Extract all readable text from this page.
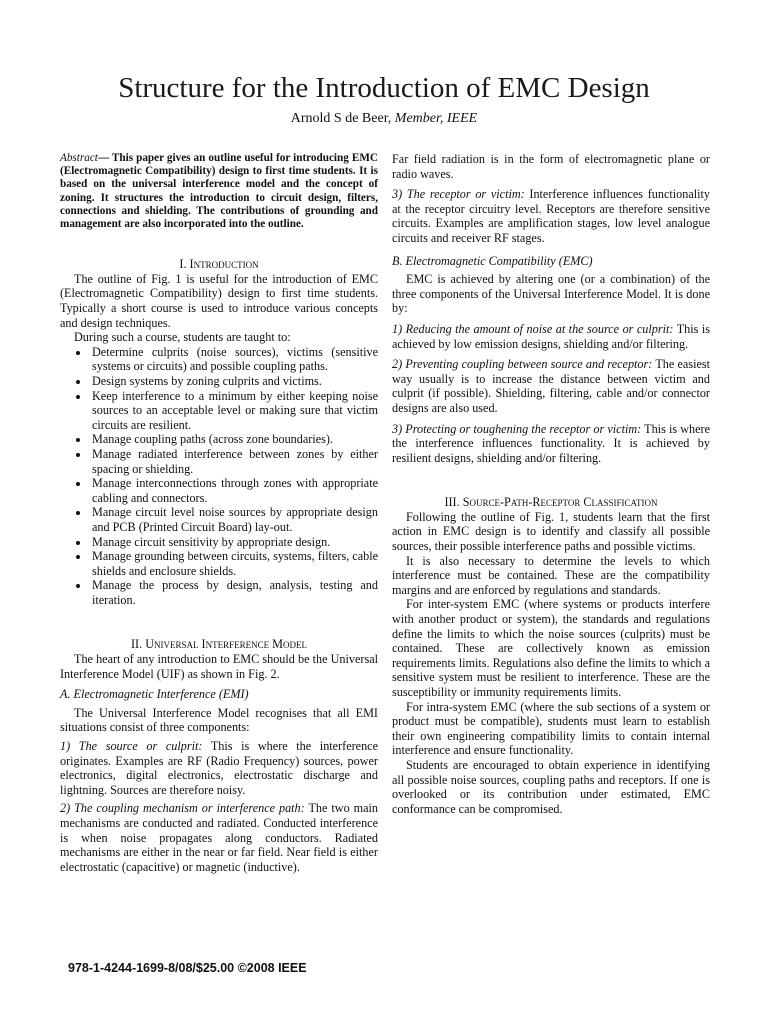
Structure for the Introduction of EMC Design
Arnold S de Beer, Member, IEEE

Abstract— This paper gives an outline useful for introducing EMC (Electromagnetic Compatibility) design to first time students. It is based on the universal interference model and the concept of zoning. It structures the introduction to circuit design, filters, connections and shielding. The contributions of grounding and management are also incorporated into the outline.

I. Introduction

The outline of Fig. 1 is useful for the introduction of EMC (Electromagnetic Compatibility) design to first time students. Typically a short course is used to introduce various concepts and design techniques.

During such a course, students are taught to:

• Determine culprits (noise sources), victims (sensitive systems or circuits) and possible coupling paths.
• Design systems by zoning culprits and victims.
• Keep interference to a minimum by either keeping noise sources to an acceptable level or making sure that victim circuits are resilient.
• Manage coupling paths (across zone boundaries).
• Manage radiated interference between zones by either spacing or shielding.
• Manage interconnections through zones with appropriate cabling and connectors.
• Manage circuit level noise sources by appropriate design and PCB (Printed Circuit Board) lay-out.
• Manage circuit sensitivity by appropriate design.
• Manage grounding between circuits, systems, filters, cable shields and enclosure shields.
• Manage the process by design, analysis, testing and iteration.

II. Universal Interference Model

The heart of any introduction to EMC should be the Universal Interference Model (UIF) as shown in Fig. 2.

A. Electromagnetic Interference (EMI)

The Universal Interference Model recognises that all EMI situations consist of three components:

1) The source or culprit: This is where the interference originates. Examples are RF (Radio Frequency) sources, power electronics, digital electronics, electrostatic discharge and lightning. Sources are therefore noisy.

2) The coupling mechanism or interference path: The two main mechanisms are conducted and radiated. Conducted interference is when noise propagates along conductors. Radiated mechanisms are either in the near or far field. Near field is either electrostatic (capacitive) or magnetic (inductive).

Far field radiation is in the form of electromagnetic plane or radio waves.

3) The receptor or victim: Interference influences functionality at the receptor circuitry level. Receptors are therefore sensitive circuits. Examples are amplification stages, low level analogue circuits and receiver RF stages.

B. Electromagnetic Compatibility (EMC)

EMC is achieved by altering one (or a combination) of the three components of the Universal Interference Model. It is done by:

1) Reducing the amount of noise at the source or culprit: This is achieved by low emission designs, shielding and/or filtering.

2) Preventing coupling between source and receptor: The easiest way usually is to increase the distance between victim and culprit (if possible). Shielding, filtering, cable and/or connector designs are also used.

3) Protecting or toughening the receptor or victim: This is where the interference influences functionality. It is achieved by resilient designs, shielding and/or filtering.

III. Source-Path-Receptor Classification

Following the outline of Fig. 1, students learn that the first action in EMC design is to identify and classify all possible sources, their possible interference paths and possible victims.

It is also necessary to determine the levels to which interference must be contained. These are the compatibility margins and are enforced by regulations and standards.

For inter-system EMC (where systems or products interfere with another product or system), the standards and regulations define the limits to which the noise sources (culprits) must be contained. These are collectively known as emission requirements limits. Regulations also define the limits to which a sensitive system must be resilient to interference. These are the susceptibility or immunity requirements limits.

For intra-system EMC (where the sub sections of a system or product must be compatible), students must learn to establish their own engineering compatibility limits to contain internal interference and ensure functionality.

Students are encouraged to obtain experience in identifying all possible noise sources, coupling paths and receptors. If one is overlooked or its contribution under estimated, EMC conformance can be compromised.

978-1-4244-1699-8/08/$25.00 ©2008 IEEE
